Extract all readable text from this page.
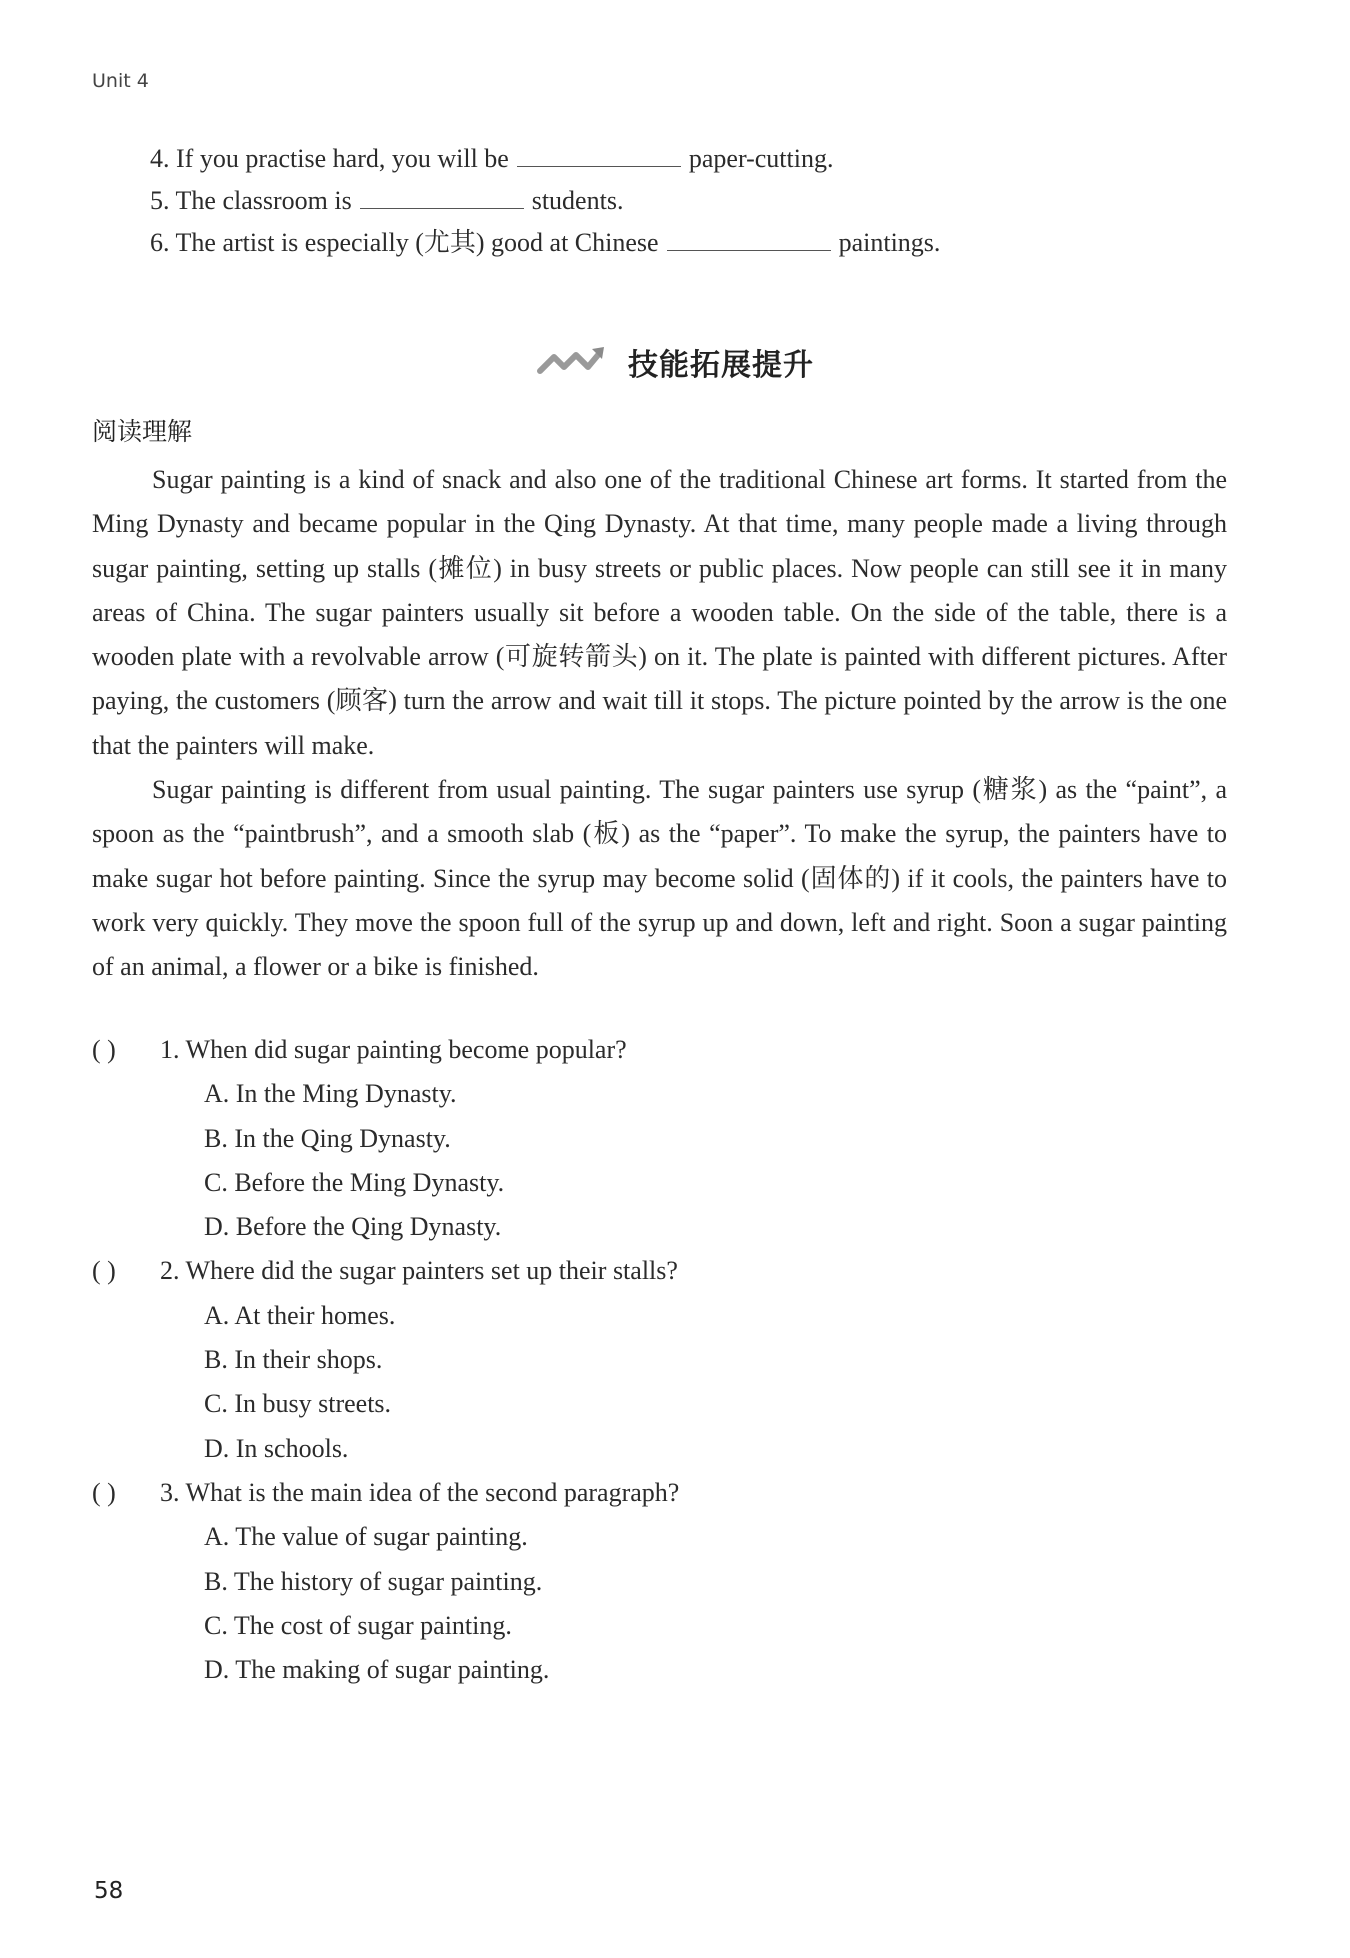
Unit 4
4. If you practise hard, you will be	paper-cutting.
5. The classroom is	students.
6. The artist is especially (尤其) good at Chinese	paintings.
技能拓展提升
阅读理解

Sugar painting is a kind of snack and also one of the traditional Chinese art forms. It started from the Ming Dynasty and became popular in the Qing Dynasty. At that time, many people made a living through sugar painting, setting up stalls (摊位) in busy streets or public places. Now people can still see it in many areas of China. The sugar painters usually sit before a wooden table. On the side of the table, there is a wooden plate with a revolvable arrow (可旋转箭头) on it. The plate is painted with different pictures. After paying, the customers (顾客) turn the arrow and wait till it stops. The picture pointed by the arrow is the one that the painters will make.

Sugar painting is different from usual painting. The sugar painters use syrup (糖浆) as the “paint”, a spoon as the “paintbrush”, and a smooth slab (板) as the “paper”. To make the syrup, the painters have to make sugar hot before painting. Since the syrup may become solid (固体的) if it cools, the painters have to work very quickly. They move the spoon full of the syrup up and down, left and right. Soon a sugar painting of an animal, a flower or a bike is finished.

( ) 1. When did sugar painting become popular?
A. In the Ming Dynasty.
B. In the Qing Dynasty.
C. Before the Ming Dynasty.
D. Before the Qing Dynasty.
( ) 2. Where did the sugar painters set up their stalls?
A. At their homes.
B. In their shops.
C. In busy streets.
D. In schools.
( ) 3. What is the main idea of the second paragraph?
A. The value of sugar painting.
B. The history of sugar painting.
C. The cost of sugar painting.
D. The making of sugar painting.
58
